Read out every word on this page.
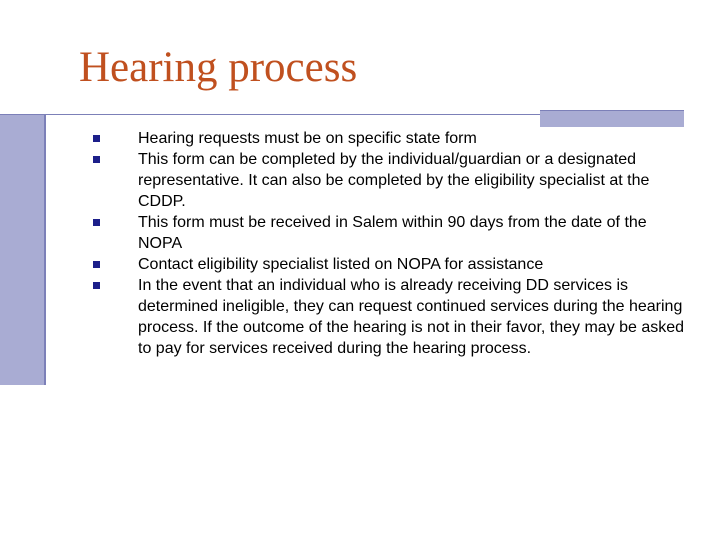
Hearing process
Hearing requests must be on specific state form
This form can be completed by the individual/guardian or a designated representative. It can also be completed by the eligibility specialist at the CDDP.
This form must be received in Salem within 90 days from the date of the NOPA
Contact eligibility specialist listed on NOPA for assistance
In the event that an individual who is already receiving DD services is determined ineligible, they can request continued services during the hearing process. If the outcome of the hearing is not in their favor, they may be asked to pay for services received during the hearing process.
